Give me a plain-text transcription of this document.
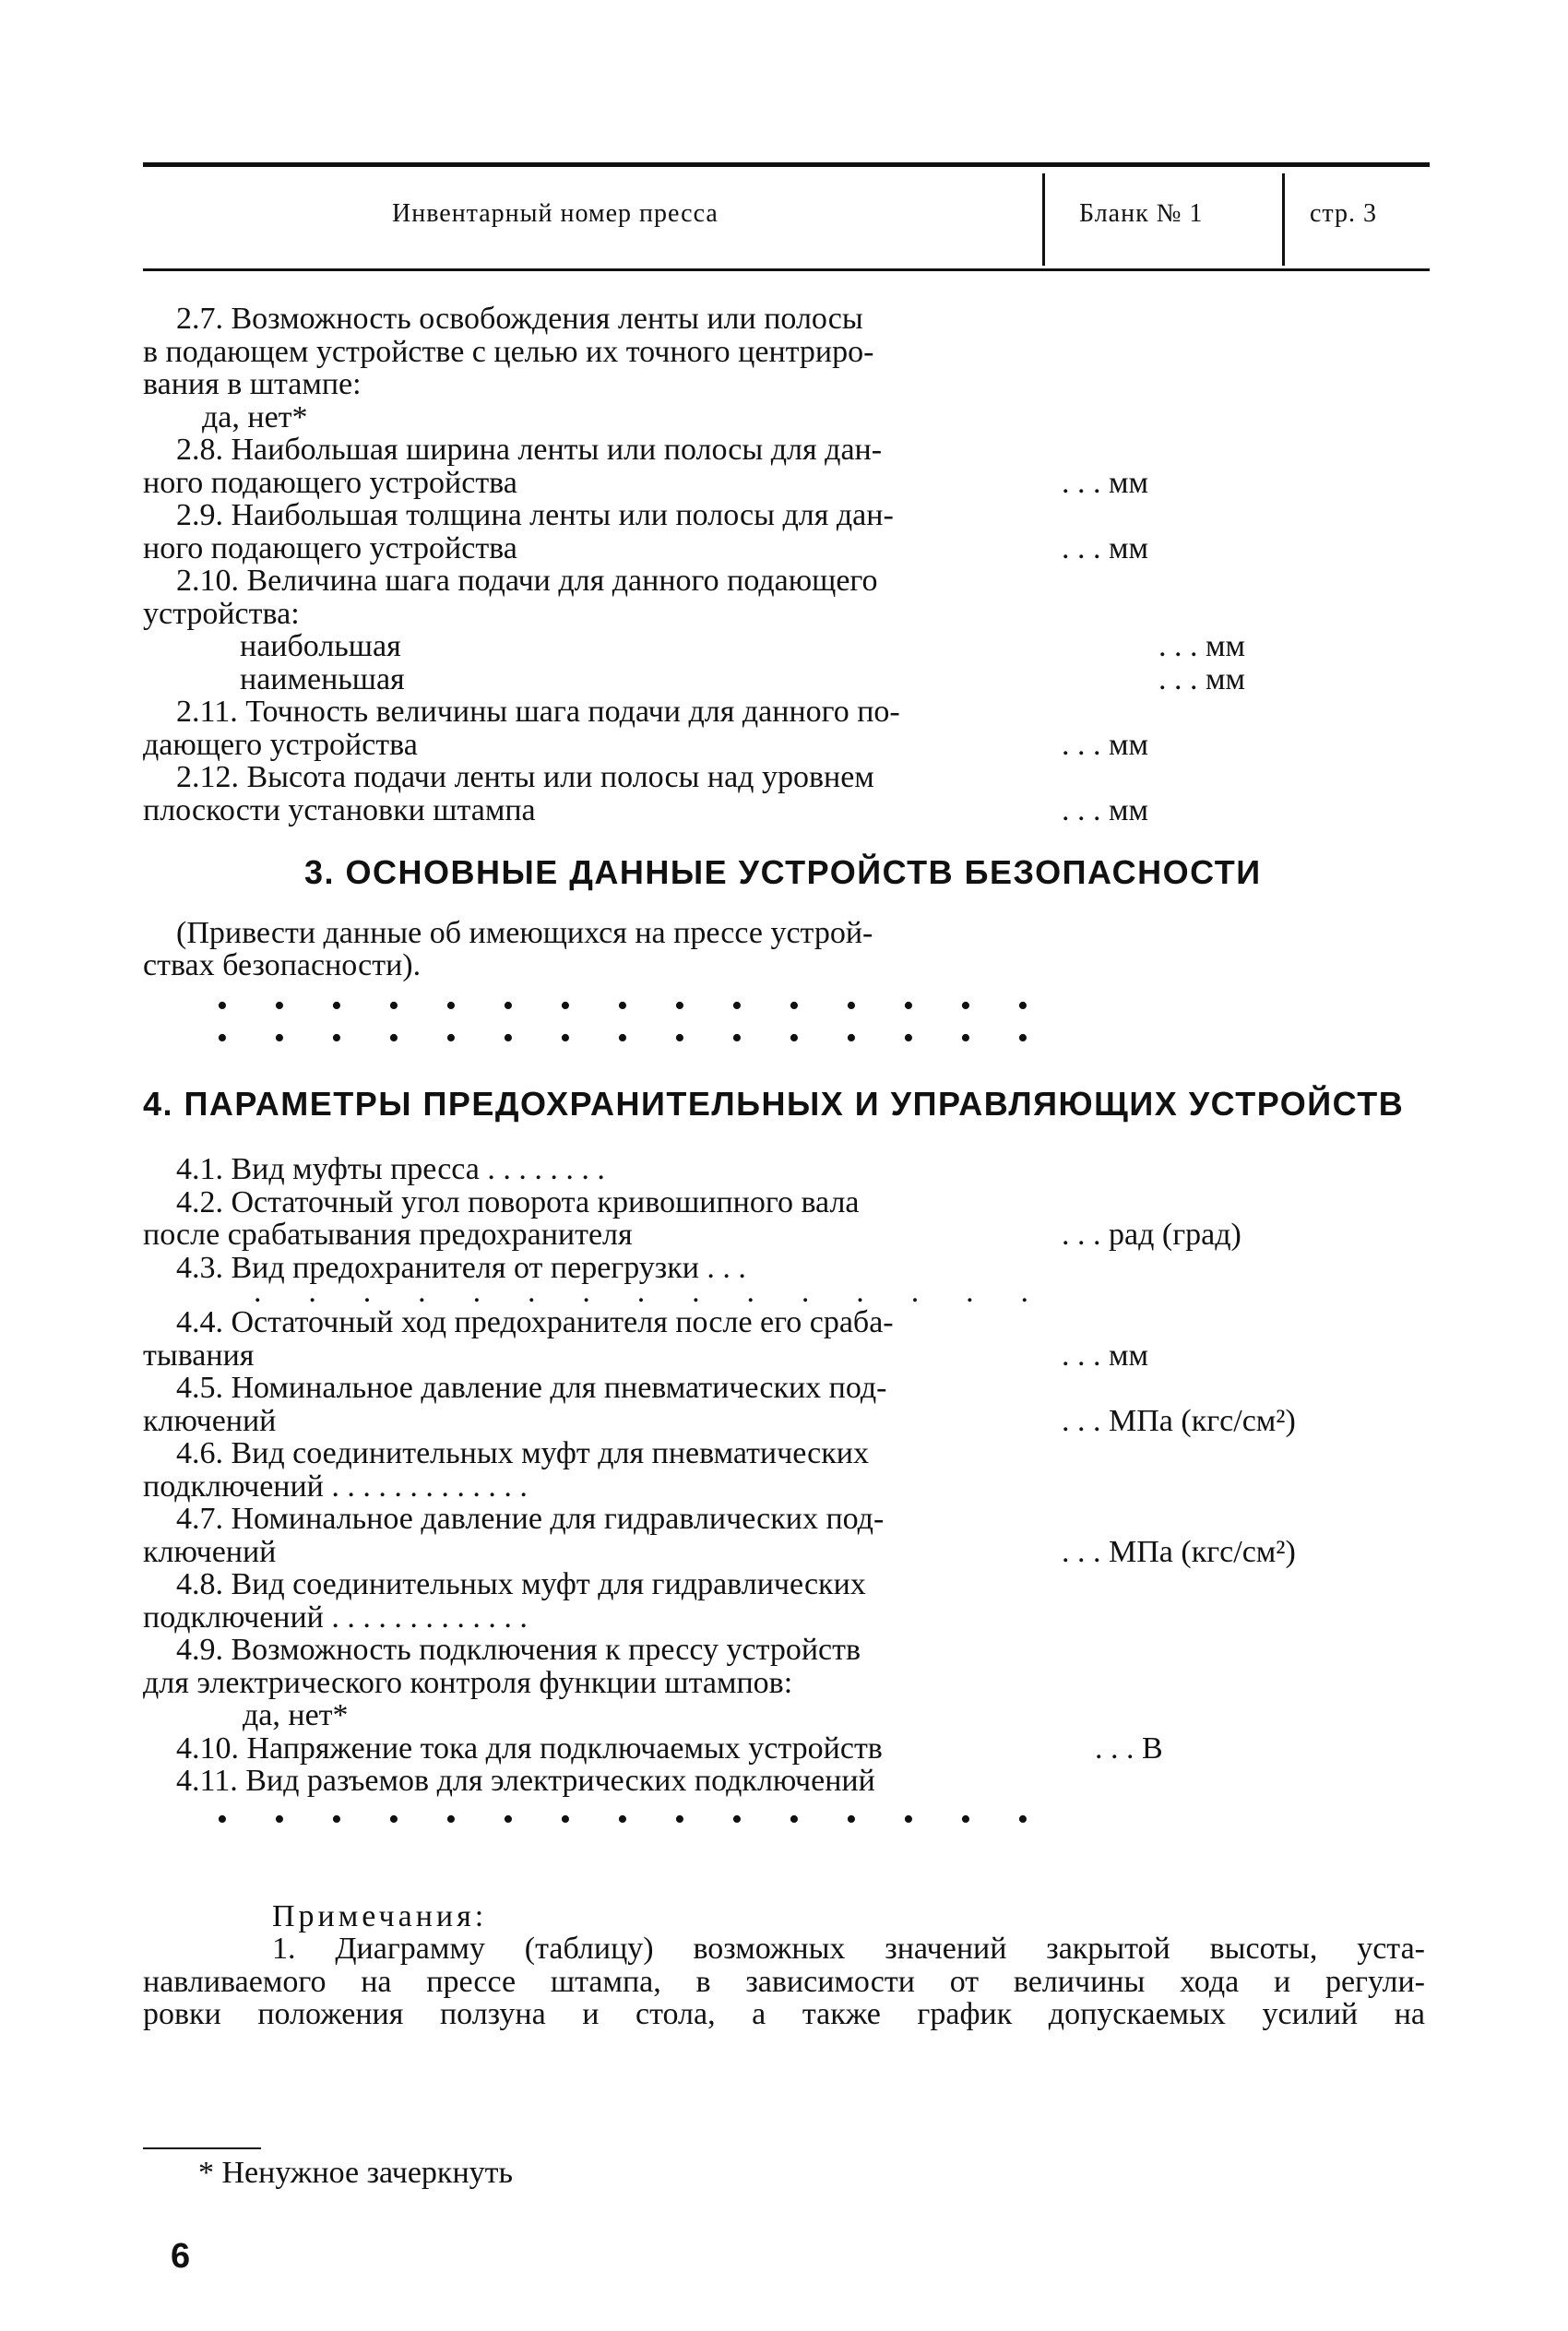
Инвентарный номер пресса	Бланк № 1	стр. 3
2.7. Возможность освобождения ленты или полосы
в подающем устройстве с целью их точного центриро-
вания в штампе:
да, нет*
2.8. Наибольшая ширина ленты или полосы для дан-
ного подающего устройства	. . . мм
2.9. Наибольшая толщина ленты или полосы для дан-
ного подающего устройства	. . . мм
2.10. Величина шага подачи для данного подающего
устройства:
наибольшая	. . . мм
наименьшая	. . . мм
2.11. Точность величины шага подачи для данного по-
дающего устройства	. . . мм
2.12. Высота подачи ленты или полосы над уровнем
плоскости установки штампа	. . . мм
3. ОСНОВНЫЕ ДАННЫЕ УСТРОЙСТВ БЕЗОПАСНОСТИ
(Привести данные об имеющихся на прессе устрой-
ствах безопасности).
• • • • • • • • • • • • • • •
• • • • • • • • • • • • • • •
4. ПАРАМЕТРЫ ПРЕДОХРАНИТЕЛЬНЫХ И УПРАВЛЯЮЩИХ УСТРОЙСТВ
4.1. Вид муфты пресса . . . . . . . .
4.2. Остаточный угол поворота кривошипного вала
после срабатывания предохранителя	. . . рад (град)
4.3. Вид предохранителя от перегрузки . . .
. . . . . . . . . . . . . . .
4.4. Остаточный ход предохранителя после его сраба-
тывания	. . . мм
4.5. Номинальное давление для пневматических под-
ключений	. . . МПа (кгс/см²)
4.6. Вид соединительных муфт для пневматических
подключений . . . . . . . . . . . . .
4.7. Номинальное давление для гидравлических под-
ключений	. . . МПа (кгс/см²)
4.8. Вид соединительных муфт для гидравлических
подключений . . . . . . . . . . . . .
4.9. Возможность подключения к прессу устройств
для электрического контроля функции штампов:
да, нет*
4.10. Напряжение тока для подключаемых устройств	. . . В
4.11. Вид разъемов для электрических подключений
• • • • • • • • • • • • • • •
Примечания:
1. Диаграмму (таблицу) возможных значений закрытой высоты, уста-
навливаемого на прессе штампа, в зависимости от величины хода и регули-
ровки положения ползуна и стола, а также график допускаемых усилий на
* Ненужное зачеркнуть
6
